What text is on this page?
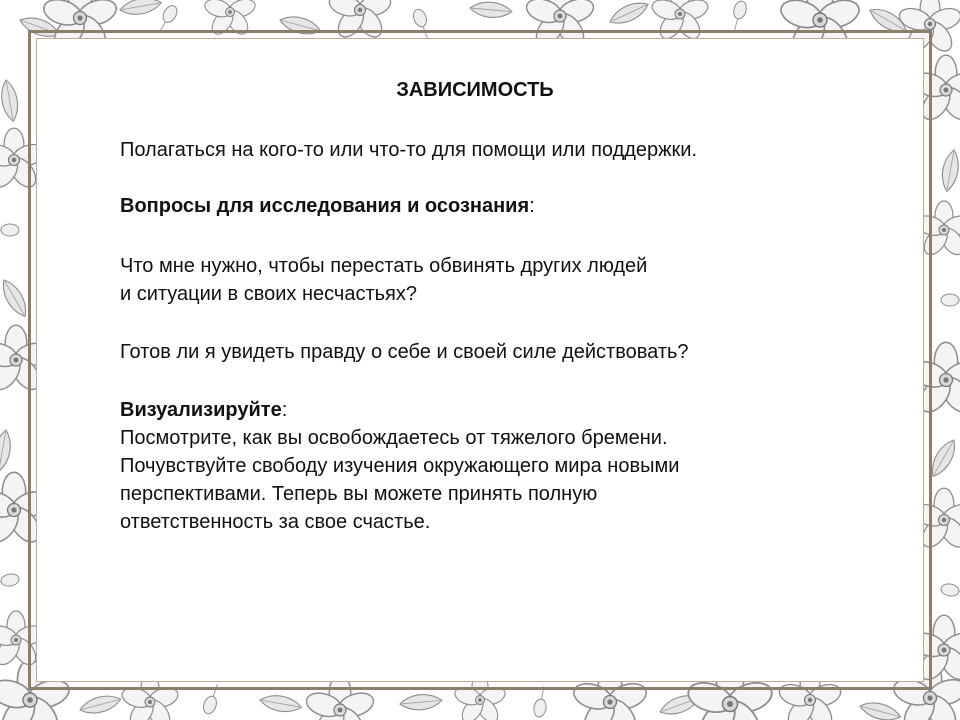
ЗАВИСИМОСТЬ
Полагаться на кого-то или что-то для помощи или поддержки.
Вопросы для исследования и осознания:
Что мне нужно, чтобы перестать обвинять других людей
и ситуации в своих несчастьях?
Готов ли я увидеть правду о себе и своей силе действовать?
Визуализируйте:
Посмотрите, как вы освобождаетесь от тяжелого бремени.
Почувствуйте свободу изучения окружающего мира новыми
перспективами. Теперь вы можете принять полную
ответственность за свое счастье.
